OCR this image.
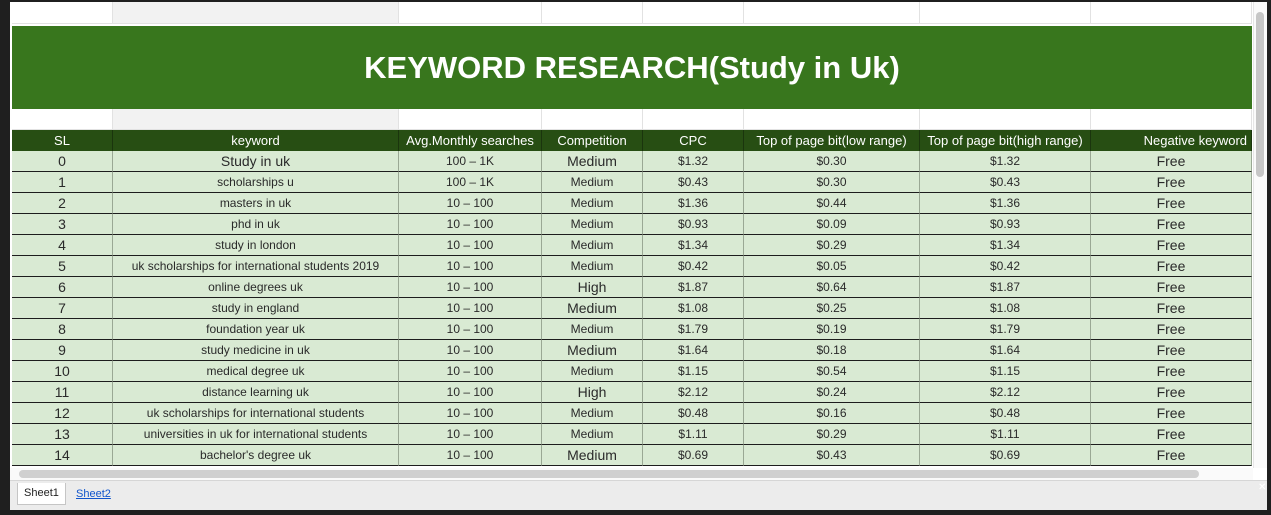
KEYWORD RESEARCH(Study in Uk)
SL	keyword	Avg.Monthly searches	Competition	CPC	Top of page bit(low range)	Top of page bit(high range)	Negative keyword
0	Study in uk	100 – 1K	Medium	$1.32	$0.30	$1.32	Free
1	scholarships u	100 – 1K	Medium	$0.43	$0.30	$0.43	Free
2	masters in uk	10 – 100	Medium	$1.36	$0.44	$1.36	Free
3	phd in uk	10 – 100	Medium	$0.93	$0.09	$0.93	Free
4	study in london	10 – 100	Medium	$1.34	$0.29	$1.34	Free
5	uk scholarships for international students 2019	10 – 100	Medium	$0.42	$0.05	$0.42	Free
6	online degrees uk	10 – 100	High	$1.87	$0.64	$1.87	Free
7	study in england	10 – 100	Medium	$1.08	$0.25	$1.08	Free
8	foundation year uk	10 – 100	Medium	$1.79	$0.19	$1.79	Free
9	study medicine in uk	10 – 100	Medium	$1.64	$0.18	$1.64	Free
10	medical degree uk	10 – 100	Medium	$1.15	$0.54	$1.15	Free
11	distance learning uk	10 – 100	High	$2.12	$0.24	$2.12	Free
12	uk scholarships for international students	10 – 100	Medium	$0.48	$0.16	$0.48	Free
13	universities in uk for international students	10 – 100	Medium	$1.11	$0.29	$1.11	Free
14	bachelor's degree uk	10 – 100	Medium	$0.69	$0.43	$0.69	Free
Sheet1	Sheet2
✕
